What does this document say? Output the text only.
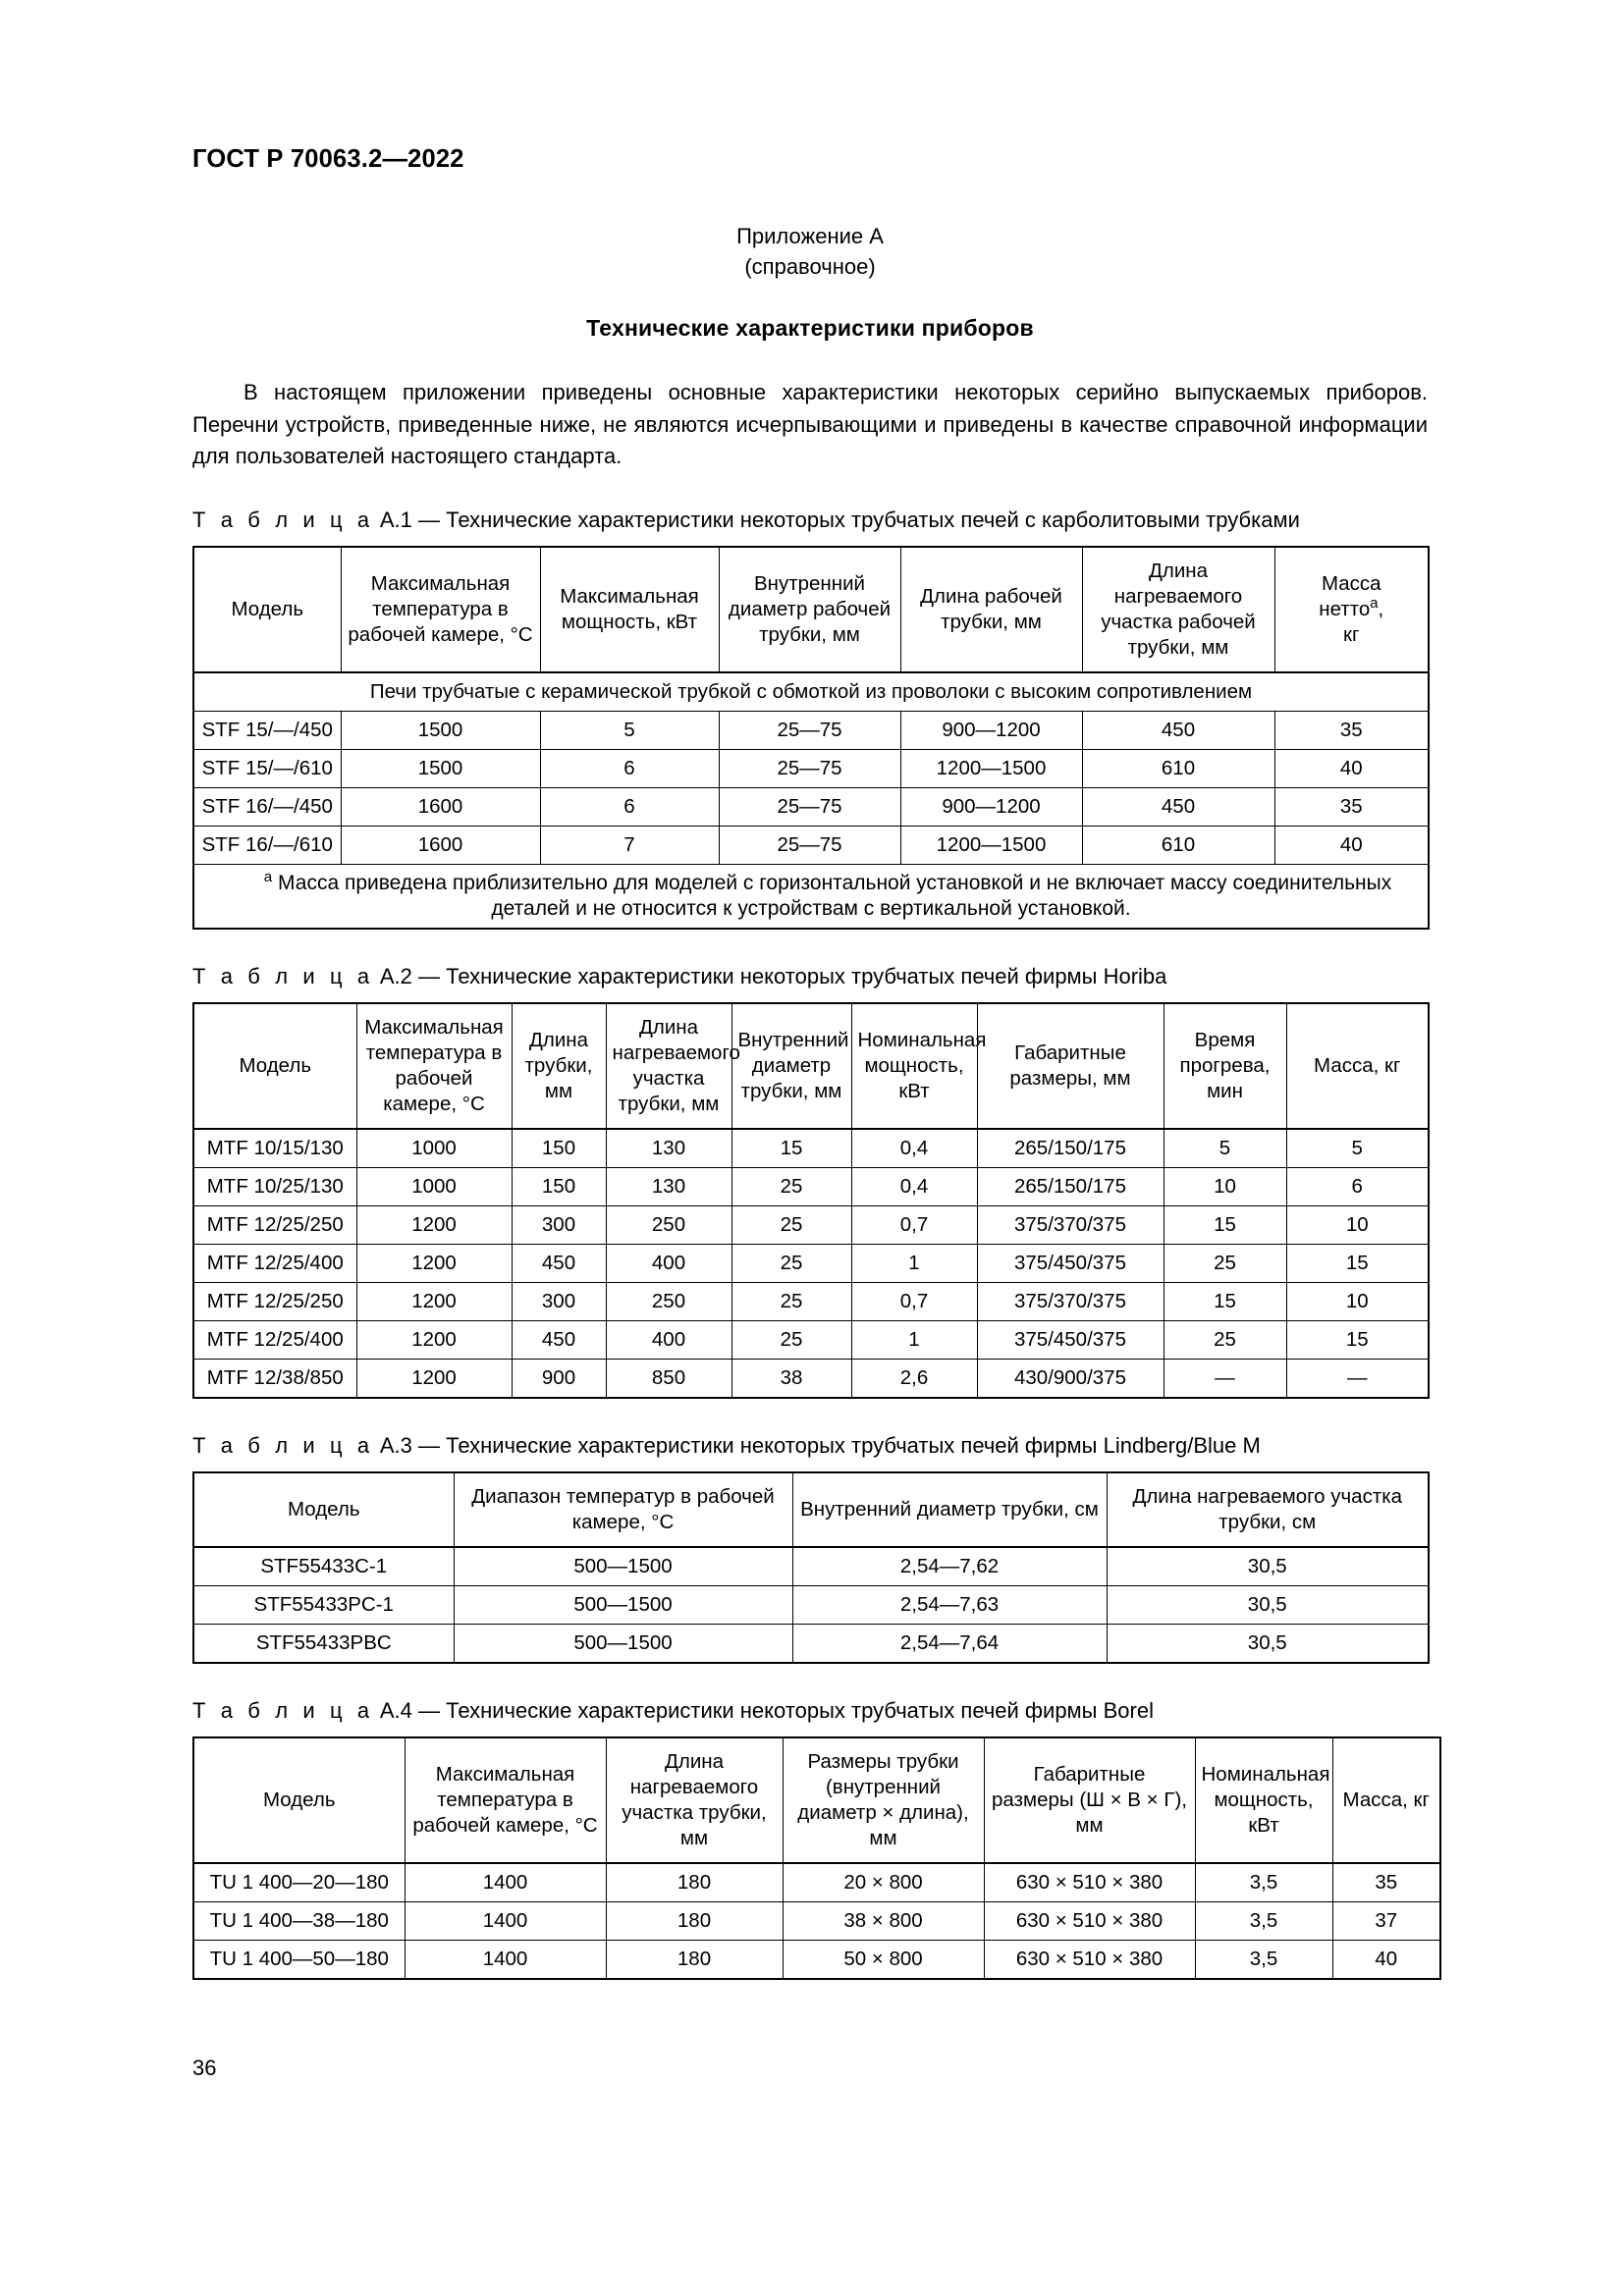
ГОСТ Р 70063.2—2022
Приложение А
(справочное)
Технические характеристики приборов
В настоящем приложении приведены основные характеристики некоторых серийно выпускаемых приборов. Перечни устройств, приведенные ниже, не являются исчерпывающими и приведены в качестве справочной информации для пользователей настоящего стандарта.
Т а б л и ц а А.1 — Технические характеристики некоторых трубчатых печей с карболитовыми трубками
Модель	Максимальная температура в рабочей камере, °С	Максимальная мощность, кВт	Внутренний диаметр рабочей трубки, мм	Длина рабочей трубки, мм	Длина нагреваемого участка рабочей трубки, мм	Масса
нетто$^a$,
кг
Печи трубчатые с керамической трубкой с обмоткой из проволоки с высоким сопротивлением						
STF 15/—/450	1500	5	25—75	900—1200	450	35
STF 15/—/610	1500	6	25—75	1200—1500	610	40
STF 16/—/450	1600	6	25—75	900—1200	450	35
STF 16/—/610	1600	7	25—75	1200—1500	610	40
$^a$ Масса приведена приблизительно для моделей с горизонтальной установкой и не включает массу соединительных деталей и не относится к устройствам с вертикальной установкой.						
Т а б л и ц а А.2 — Технические характеристики некоторых трубчатых печей фирмы Horiba
Модель	Максимальная температура в рабочей камере, °С	Длина трубки, мм	Длина нагреваемого участка трубки, мм	Внутренний диаметр трубки, мм	Номинальная мощность, кВт	Габаритные размеры, мм	Время прогрева, мин	Масса, кг
MTF 10/15/130	1000	150	130	15	0,4	265/150/175	5	5
MTF 10/25/130	1000	150	130	25	0,4	265/150/175	10	6
MTF 12/25/250	1200	300	250	25	0,7	375/370/375	15	10
MTF 12/25/400	1200	450	400	25	1	375/450/375	25	15
MTF 12/25/250	1200	300	250	25	0,7	375/370/375	15	10
MTF 12/25/400	1200	450	400	25	1	375/450/375	25	15
MTF 12/38/850	1200	900	850	38	2,6	430/900/375	—	—
Т а б л и ц а А.3 — Технические характеристики некоторых трубчатых печей фирмы Lindberg/Blue M
Модель	Диапазон температур в рабочей камере, °С	Внутренний диаметр трубки, см	Длина нагреваемого участка трубки, см
STF55433C-1	500—1500	2,54—7,62	30,5
STF55433PC-1	500—1500	2,54—7,63	30,5
STF55433PBC	500—1500	2,54—7,64	30,5
Т а б л и ц а А.4 — Технические характеристики некоторых трубчатых печей фирмы Borel
Модель	Максимальная температура в рабочей камере, °С	Длина нагреваемого участка трубки, мм	Размеры трубки (внутренний диаметр × длина), мм	Габаритные размеры (Ш × В × Г), мм	Номинальная мощность, кВт	Масса, кг
TU 1 400—20—180	1400	180	20 × 800	630 × 510 × 380	3,5	35
TU 1 400—38—180	1400	180	38 × 800	630 × 510 × 380	3,5	37
TU 1 400—50—180	1400	180	50 × 800	630 × 510 × 380	3,5	40
36
